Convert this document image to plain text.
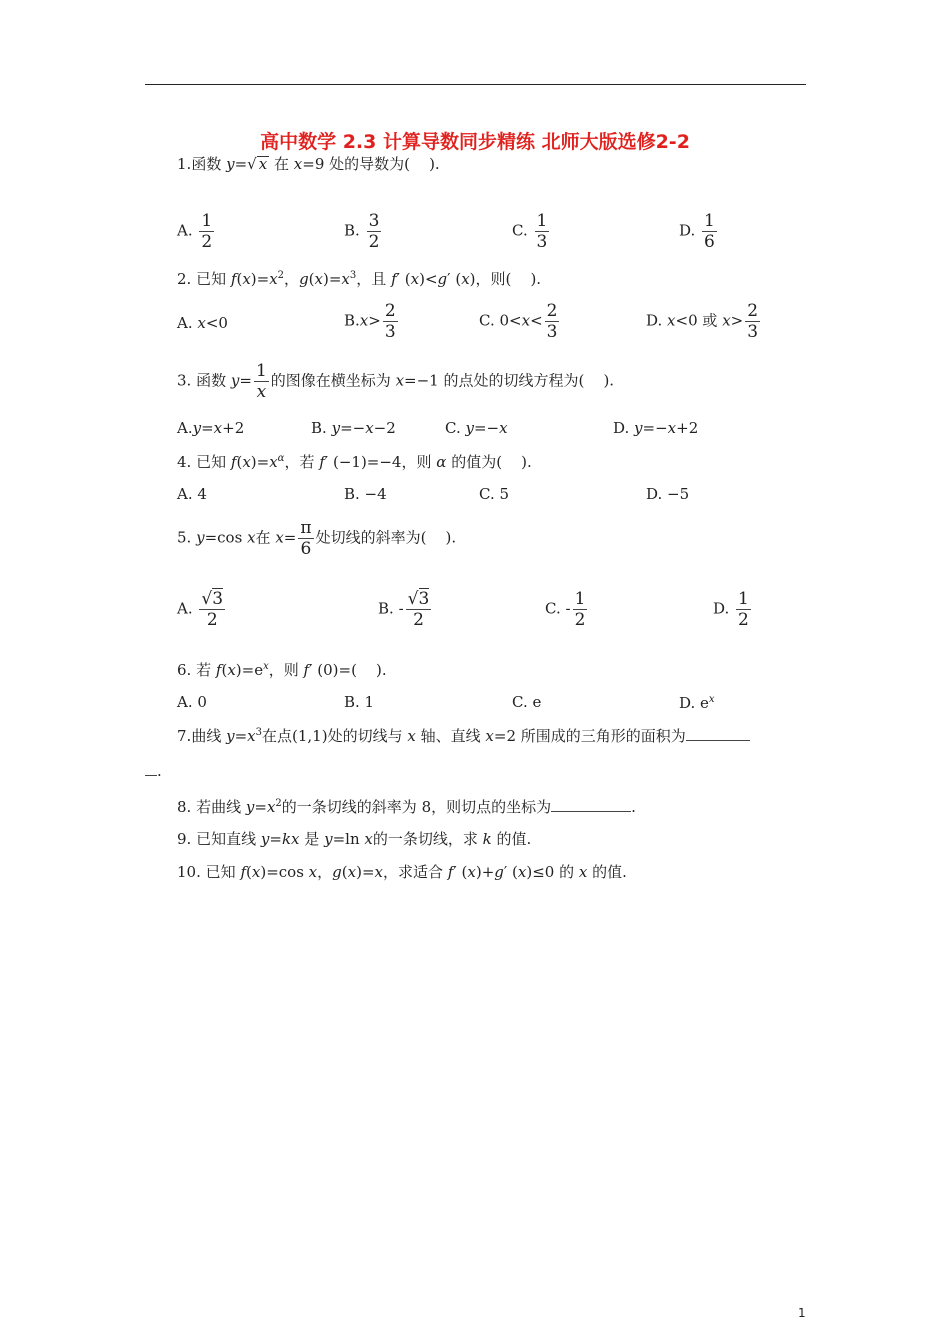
高中数学 2.3 计算导数同步精练 北师大版选修2-2
1.函数 y=√ x 在 x=9 处的导数为( ).
A. $\frac{1}{2}$	B. $\frac{3}{2}$	C. $\frac{1}{3}$	D. $\frac{1}{6}$
2. 已知 $f(x)=x^2$，$g(x)=x^3$，且 f′ (x)<g′ (x)，则( ).
A. x<0	$B.x> \frac{2}{3}$	C. $0<x< \frac{2}{3}$	D. x<0 或 $x> \frac{2}{3}$
3. 函数 $y= \frac{1}{x}$ 的图像在横坐标为 x=−1 的点处的切线方程为( ).
A.y=x+2	B. y=−x−2	C. y=−x	D. y=−x+2
4. 已知 $f(x)=x^\alpha$，若 f′ (−1)=−4，则 α 的值为( ).
A. 4	B. −4	C. 5	D. −5
5. y=cos x在 $x= \frac{\pi}{6}$ 处切线的斜率为( ).
A. $\frac{√3}{2}$	B. - $\frac{√3}{2}$	C. - $\frac{1}{2}$	D. $\frac{1}{2}$
6. 若 $f(x)=e^x$，则 f′ (0)=( ).
A. 0	B. 1	C. e	D. $e^x$
7.曲线 $y=x^3$在点(1,1)处的切线与 x 轴、直线 x=2 所围成的三角形的面积为
.
8. 若曲线 $y=x^2$的一条切线的斜率为 8，则切点的坐标为	.
9. 已知直线 y=kx 是 y=ln x的一条切线，求 k 的值.
10. 已知 f(x)=cos x，g(x)=x，求适合 f′ (x)+g′ (x)≤0 的 x 的值.
1
